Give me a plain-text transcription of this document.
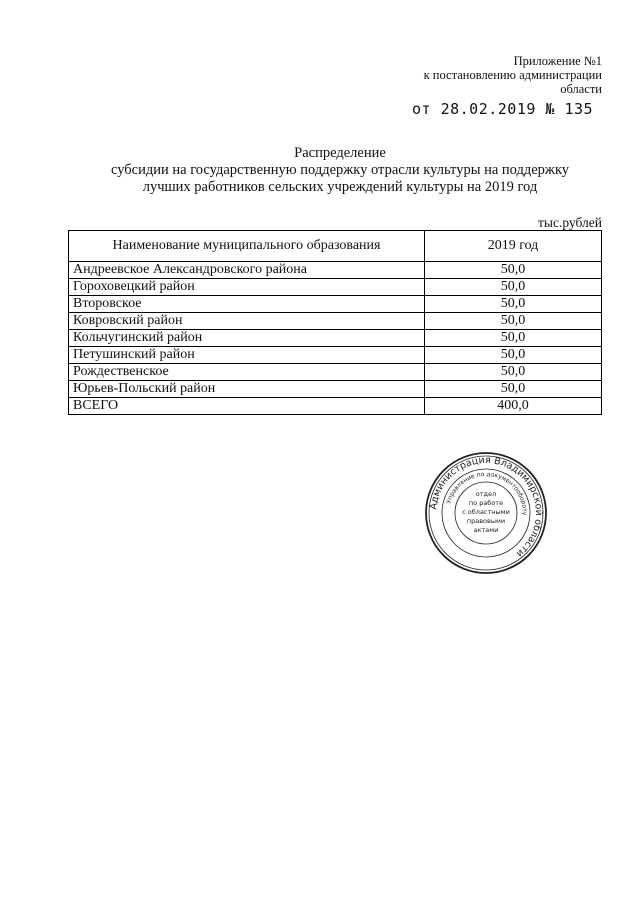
Приложение №1
к постановлению администрации
области
от 28.02.2019 № 135
Распределение
субсидии на государственную поддержку отрасли культуры на поддержку
лучших работников сельских учреждений культуры на 2019 год
тыс.рублей
Наименование муниципального образования	2019 год
Андреевское Александровского района	50,0
Гороховецкий район	50,0
Второвское	50,0
Ковровский район	50,0
Кольчугинский район	50,0
Петушинский район	50,0
Рождественское	50,0
Юрьев-Польский район	50,0
ВСЕГО	400,0
Администрация Владимирской области
Управление по документообороту
отдел
по работе
с областными
правовыми
актами
